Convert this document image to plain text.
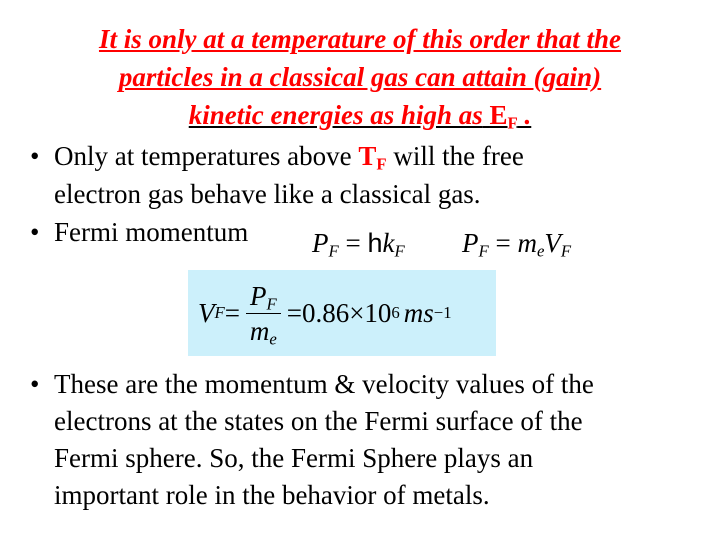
It is only at a temperature of this order that the
particles in a classical gas can attain (gain)
kinetic energies as high as $E_F$ .
• Only at temperatures above $T_F$ will the free
electron gas behave like a classical gas.
• Fermi momentum $P_F = hk_F$ $P_F = m_eV_F$
V $F = \frac{P_F}{m_e} = 0.86\times 10$ 6 ms −1
• These are the momentum & velocity values of the
electrons at the states on the Fermi surface of the
Fermi sphere. So, the Fermi Sphere plays an
important role in the behavior of metals.
